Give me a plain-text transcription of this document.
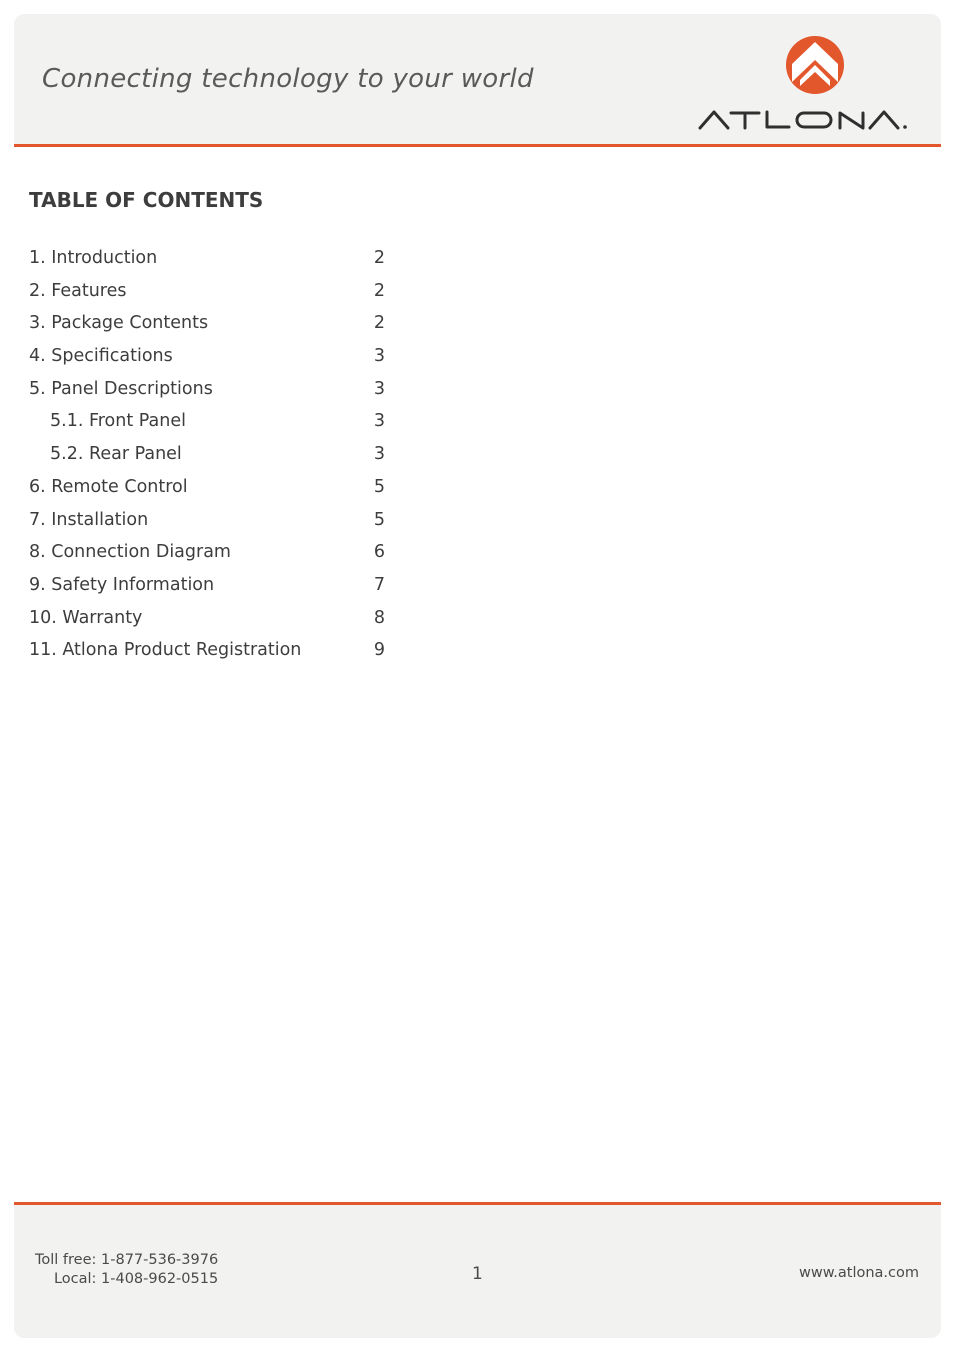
Connecting technology to your world
TABLE OF CONTENTS
1. Introduction	2
2. Features	2
3. Package Contents	2
4. Specifications	3
5. Panel Descriptions	3
5.1. Front Panel	3
5.2. Rear Panel	3
6. Remote Control	5
7. Installation	5
8. Connection Diagram	6
9. Safety Information	7
10. Warranty	8
11. Atlona Product Registration	9
Toll free: 1-877-536-3976
Local: 1-408-962-0515	1	www.atlona.com
